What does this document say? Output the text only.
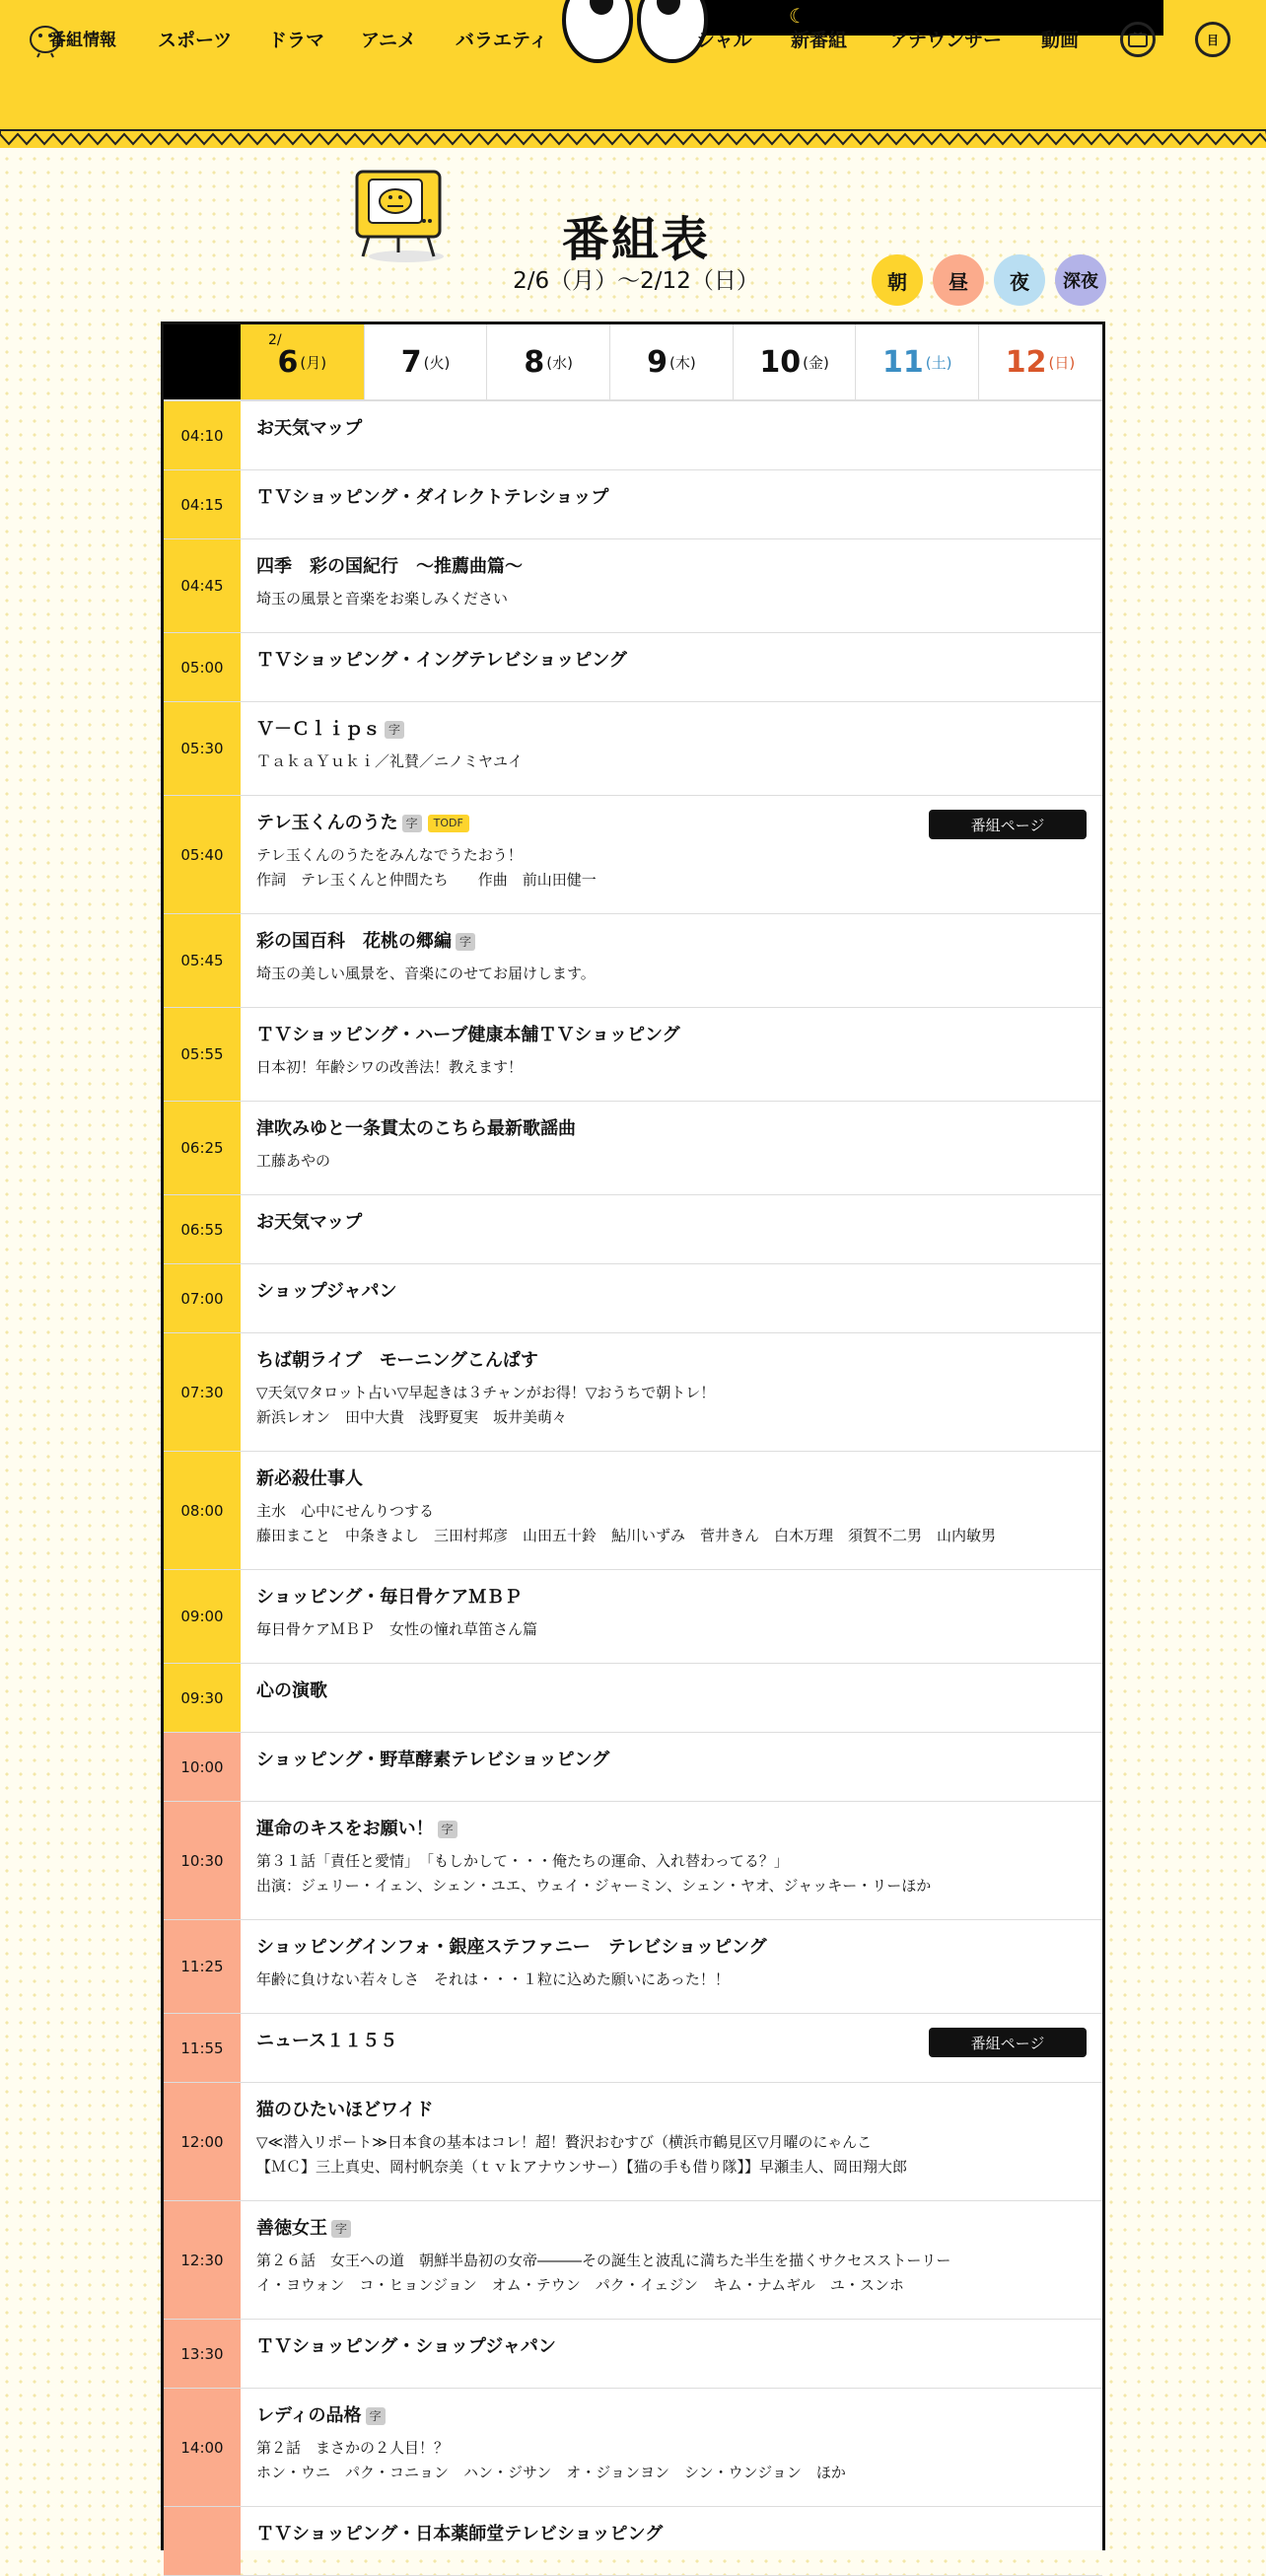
番組情報 スポーツ ドラマ アニメ バラエティ
☾
シャル 新番組 アナウンサー 動画	目
番組表
2/6（月）〜2/12（日）	朝 昼 夜 深夜
2/
6 (月)	7 (火)	8 (水)	9 (木) 10 (金) 11 (土) 12 (日)
04:10	お天気マップ
04:15	ＴＶショッピング・ダイレクトテレショップ
04:45
四季　彩の国紀行　～推薦曲篇～
埼玉の風景と音楽をお楽しみください
05:00	ＴＶショッピング・イングテレビショッピング
05:30
Ｖ－Ｃｌｉｐｓ 字
ＴａｋａＹｕｋｉ／礼賛／ニノミヤユイ
05:40
テレ玉くんのうた 字 TODF
テレ玉くんのうたをみんなでうたおう！
作詞　テレ玉くんと仲間たち　　作曲　前山田健一
番組ページ
05:45
彩の国百科　花桃の郷編 字
埼玉の美しい風景を、音楽にのせてお届けします。
05:55
ＴＶショッピング・ハーブ健康本舗ＴＶショッピング
日本初！年齢シワの改善法！教えます！
06:25
津吹みゆと一条貫太のこちら最新歌謡曲
工藤あやの
06:55	お天気マップ
07:00	ショップジャパン
07:30
ちば朝ライブ　モーニングこんぱす
▽天気▽タロット占い▽早起きは３チャンがお得！▽おうちで朝トレ！
新浜レオン　田中大貴　浅野夏実　坂井美萌々
08:00
新必殺仕事人
主水　心中にせんりつする
藤田まこと　中条きよし　三田村邦彦　山田五十鈴　鮎川いずみ　菅井きん　白木万理　須賀不二男　山内敏男
09:00
ショッピング・毎日骨ケアＭＢＰ
毎日骨ケアＭＢＰ　女性の憧れ草笛さん篇
09:30	心の演歌
10:00	ショッピング・野草酵素テレビショッピング
10:30
運命のキスをお願い！ 字
第３１話「責任と愛情」　「もしかして・・・俺たちの運命、入れ替わってる？」
出演：ジェリー・イェン、シェン・ユエ、ウェイ・ジャーミン、シェン・ヤオ、ジャッキー・リーほか
11:25
ショッピングインフォ・銀座ステファニー　テレビショッピング
年齢に負けない若々しさ　それは・・・１粒に込めた願いにあった！！
11:55	ニュース１１５５	番組ページ
12:00
猫のひたいほどワイド
▽≪潜入リポート≫日本食の基本はコレ！超！贅沢おむすび（横浜市鶴見区▽月曜のにゃんこ
【ＭＣ】三上真史、岡村帆奈美（ｔｖｋアナウンサー）【猫の手も借り隊】】早瀬圭人、岡田翔大郎
12:30
善徳女王 字
第２６話　女王への道　朝鮮半島初の女帝―――その誕生と波乱に満ちた半生を描くサクセスストーリー
イ・ヨウォン　コ・ヒョンジョン　オム・テウン　パク・イェジン　キム・ナムギル　ユ・スンホ
13:30	ＴＶショッピング・ショップジャパン
14:00
レディの品格 字
第２話　まさかの２人目！？
ホン・ウニ　パク・コニョン　ハン・ジサン　オ・ジョンヨン　シン・ウンジョン　ほか
ＴＶショッピング・日本薬師堂テレビショッピング
